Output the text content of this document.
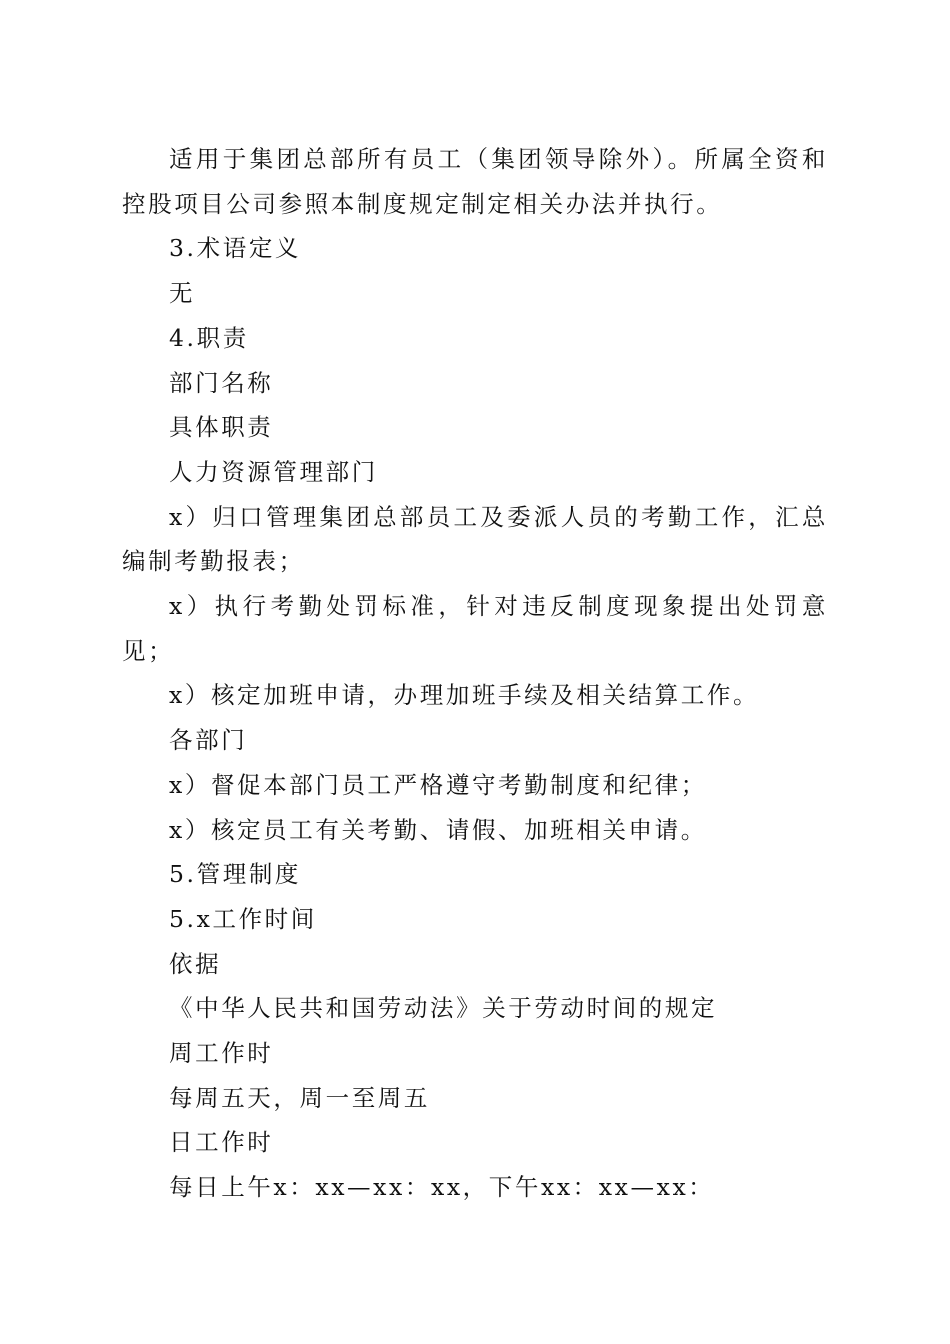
适用于集团总部所有员工（集团领导除外）。所属全资和控股项目公司参照本制度规定制定相关办法并执行。

3.术语定义

无

4.职责

部门名称

具体职责

人力资源管理部门

x）归口管理集团总部员工及委派人员的考勤工作，汇总编制考勤报表；

x）执行考勤处罚标准，针对违反制度现象提出处罚意见；

x）核定加班申请，办理加班手续及相关结算工作。

各部门

x）督促本部门员工严格遵守考勤制度和纪律；

x）核定员工有关考勤、请假、加班相关申请。

5.管理制度

5.x工作时间

依据

《中华人民共和国劳动法》关于劳动时间的规定

周工作时

每周五天，周一至周五

日工作时

每日上午x：xx—xx：xx，下午xx：xx—xx：
